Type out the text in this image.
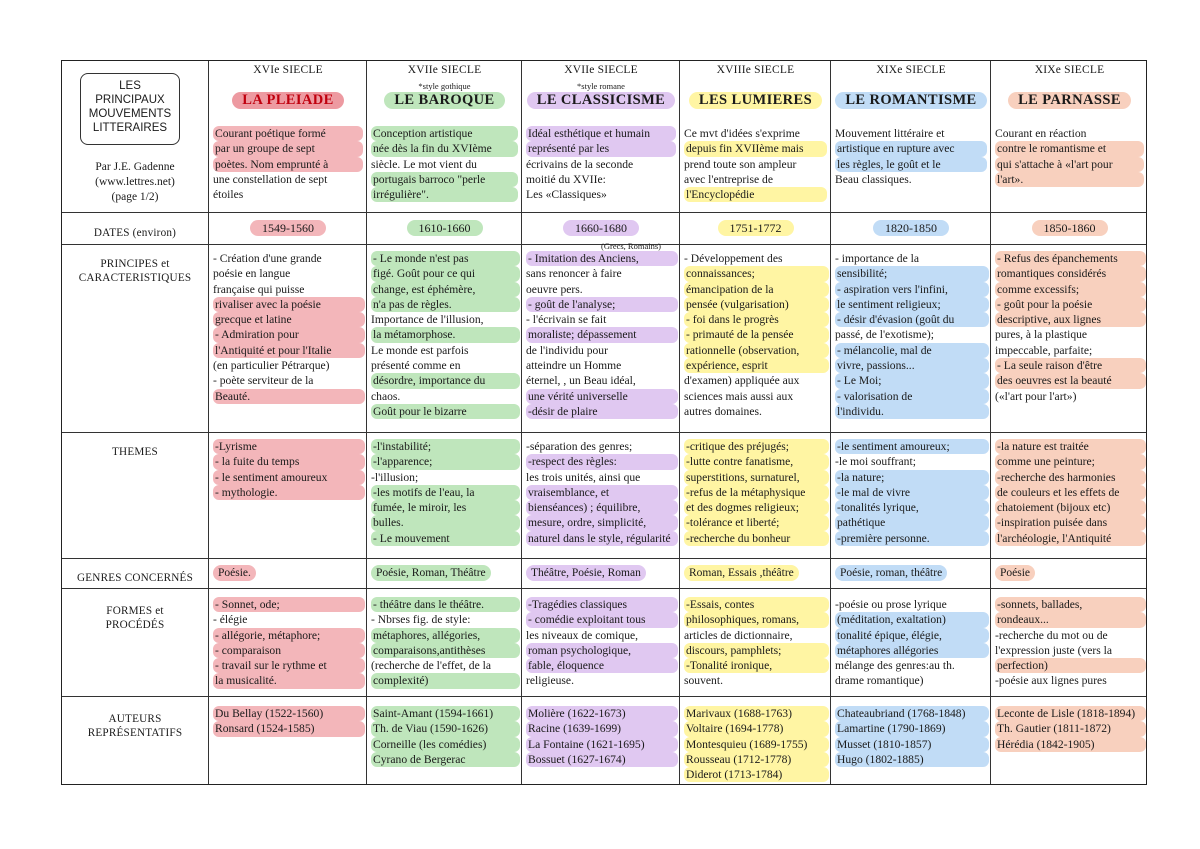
LES
PRINCIPAUX
MOUVEMENTS
LITTERAIRES
Par J.E. Gadenne
(www.lettres.net)
(page 1/2)
DATES (environ)
PRINCIPES et CARACTERISTIQUES
THEMES
GENRES CONCERNÉS
FORMES et PROCÉDÉS
AUTEURS REPRÉSENTATIFS
XVIe SIECLE
LA PLEIADE
Courant poétique formé
par un groupe de sept
poètes. Nom emprunté à
une constellation de sept
étoiles
1549-1560
- Création d'une grande
poésie en langue
française qui puisse
rivaliser avec la poésie
grecque et latine
- Admiration pour
l'Antiquité et pour l'Italie
(en particulier Pétrarque)
- poète serviteur de la
Beauté.
-Lyrisme
- la fuite du temps
- le sentiment amoureux
- mythologie.
Poésie.
- Sonnet, ode;
- élégie
- allégorie, métaphore;
- comparaison
- travail sur le rythme et
la musicalité.
Du Bellay (1522-1560)
Ronsard (1524-1585)
XVIIe SIECLE
*style gothique
LE BAROQUE
Conception artistique
née dès la fin du XVIème
siècle. Le mot vient du
portugais barroco "perle
irrégulière".
1610-1660
- Le monde n'est pas
figé. Goût pour ce qui
change, est éphémère,
n'a pas de règles.
Importance de l'illusion,
la métamorphose.
Le monde est parfois
présenté comme en
désordre, importance du
chaos.
Goût pour le bizarre
-l'instabilité;
-l'apparence;
-l'illusion;
-les motifs de l'eau, la
fumée, le miroir, les
bulles.
- Le mouvement
Poésie, Roman, Théâtre
- théâtre dans le théâtre.
- Nbrses fig. de style:
métaphores, allégories,
comparaisons,antithèses
(recherche de l'effet, de la
complexité)
Saint-Amant (1594-1661)
Th. de Viau (1590-1626)
Corneille (les comédies)
Cyrano de Bergerac
XVIIe SIECLE
*style romane
LE CLASSICISME
Idéal esthétique et humain
représenté par les
écrivains de la seconde
moitié du XVIIe:
Les «Classiques»
1660-1680
(Grecs, Romains)
- Imitation des Anciens,
sans renoncer à faire
oeuvre pers.
- goût de l'analyse;
- l'écrivain se fait
moraliste; dépassement
de l'individu pour
atteindre un Homme
éternel, , un Beau idéal,
une vérité universelle
-désir de plaire
-séparation des genres;
-respect des règles:
les trois unités, ainsi que
vraisemblance, et
bienséances) ; équilibre,
mesure, ordre, simplicité,
naturel dans le style, régularité
Théâtre, Poésie, Roman
-Tragédies classiques
- comédie exploitant tous
les niveaux de comique,
roman psychologique,
fable, éloquence
religieuse.
Molière (1622-1673)
Racine (1639-1699)
La Fontaine (1621-1695)
Bossuet (1627-1674)
XVIIIe SIECLE
LES LUMIERES
Ce mvt d'idées s'exprime
depuis fin XVIIème mais
prend toute son ampleur
avec l'entreprise de
l'Encyclopédie
1751-1772
- Développement des
connaissances;
émancipation de la
pensée (vulgarisation)
- foi dans le progrès
- primauté de la pensée
rationnelle (observation,
expérience, esprit
d'examen) appliquée aux
sciences mais aussi aux
autres domaines.
-critique des préjugés;
-lutte contre fanatisme,
superstitions, surnaturel,
-refus de la métaphysique
et des dogmes religieux;
-tolérance et liberté;
-recherche du bonheur
Roman, Essais ,théâtre
-Essais, contes
philosophiques, romans,
articles de dictionnaire,
discours, pamphlets;
-Tonalité ironique,
souvent.
Marivaux (1688-1763)
Voltaire (1694-1778)
Montesquieu (1689-1755)
Rousseau (1712-1778)
Diderot (1713-1784)
XIXe SIECLE
LE ROMANTISME
Mouvement littéraire et
artistique en rupture avec
les règles, le goût et le
Beau classiques.
1820-1850
- importance de la
sensibilité;
- aspiration vers l'infini,
le sentiment religieux;
- désir d'évasion (goût du
passé, de l'exotisme);
- mélancolie, mal de
vivre, passions...
- Le Moi;
- valorisation de
l'individu.
-le sentiment amoureux;
-le moi souffrant;
-la nature;
-le mal de vivre
-tonalités lyrique,
pathétique
-première personne.
Poésie, roman, théâtre
-poésie ou prose lyrique
(méditation, exaltation)
tonalité épique, élégie,
métaphores allégories
mélange des genres:au th.
drame romantique)
Chateaubriand (1768-1848)
Lamartine (1790-1869)
Musset (1810-1857)
Hugo (1802-1885)
XIXe SIECLE
LE PARNASSE
Courant en réaction
contre le romantisme et
qui s'attache à «l'art pour
l'art».
1850-1860
- Refus des épanchements
romantiques considérés
comme excessifs;
- goût pour la poésie
descriptive, aux lignes
pures, à la plastique
impeccable, parfaite;
- La seule raison d'être
des oeuvres est la beauté
(«l'art pour l'art»)
-la nature est traitée
comme une peinture;
-recherche des harmonies
de couleurs et les effets de
chatoiement (bijoux etc)
-inspiration puisée dans
l'archéologie, l'Antiquité
Poésie
-sonnets, ballades,
rondeaux...
-recherche du mot ou de
l'expression juste (vers la
perfection)
-poésie aux lignes pures
Leconte de Lisle (1818-1894)
Th. Gautier (1811-1872)
Hérédia (1842-1905)
